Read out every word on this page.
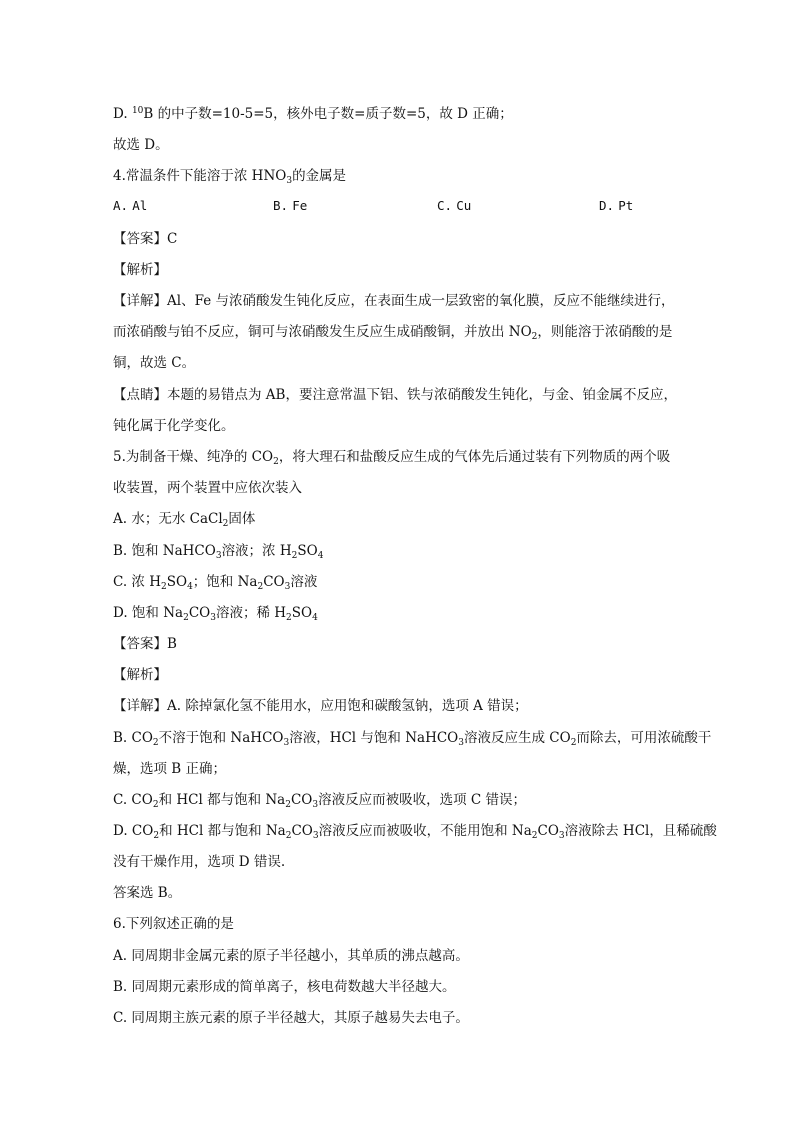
D. $^{10}$B 的中子数=10-5=5，核外电子数=质子数=5，故 D 正确；
故选 D。
4.常温条件下能溶于浓 $HNO_3$的金属是
A. Al	B. Fe	C. Cu	D. Pt
【答案】C
【解析】
【详解】Al、Fe 与浓硝酸发生钝化反应，在表面生成一层致密的氧化膜，反应不能继续进行，
而浓硝酸与铂不反应，铜可与浓硝酸发生反应生成硝酸铜，并放出 $NO_2$，则能溶于浓硝酸的是
铜，故选 C。
【点睛】本题的易错点为 AB，要注意常温下铝、铁与浓硝酸发生钝化，与金、铂金属不反应，
钝化属于化学变化。
5.为制备干燥、纯净的 $CO_2$，将大理石和盐酸反应生成的气体先后通过装有下列物质的两个吸
收装置，两个装置中应依次装入
A. 水；无水 CaCl$_2$固体
B. 饱和 NaHCO$_3$溶液；浓 $H_2SO_4$
C. 浓 $H_2SO_4$；饱和 $Na_2CO_3$溶液
D. 饱和 $Na_2CO_3$溶液；稀 $H_2SO_4$
【答案】B
【解析】
【详解】A. 除掉氯化氢不能用水，应用饱和碳酸氢钠，选项 A 错误；
B. $CO_2$不溶于饱和 NaHCO$_3$溶液，HCl 与饱和 NaHCO$_3$溶液反应生成 $CO_2$而除去，可用浓硫酸干
燥，选项 B 正确；
C. $CO_2$和 HCl 都与饱和 $Na_2CO_3$溶液反应而被吸收，选项 C 错误；
D. $CO_2$和 HCl 都与饱和 $Na_2CO_3$溶液反应而被吸收，不能用饱和 $Na_2CO_3$溶液除去 HCl，且稀硫酸
没有干燥作用，选项 D 错误.
答案选 B。
6.下列叙述正确的是
A. 同周期非金属元素的原子半径越小，其单质的沸点越高。
B. 同周期元素形成的简单离子，核电荷数越大半径越大。
C. 同周期主族元素的原子半径越大，其原子越易失去电子。
